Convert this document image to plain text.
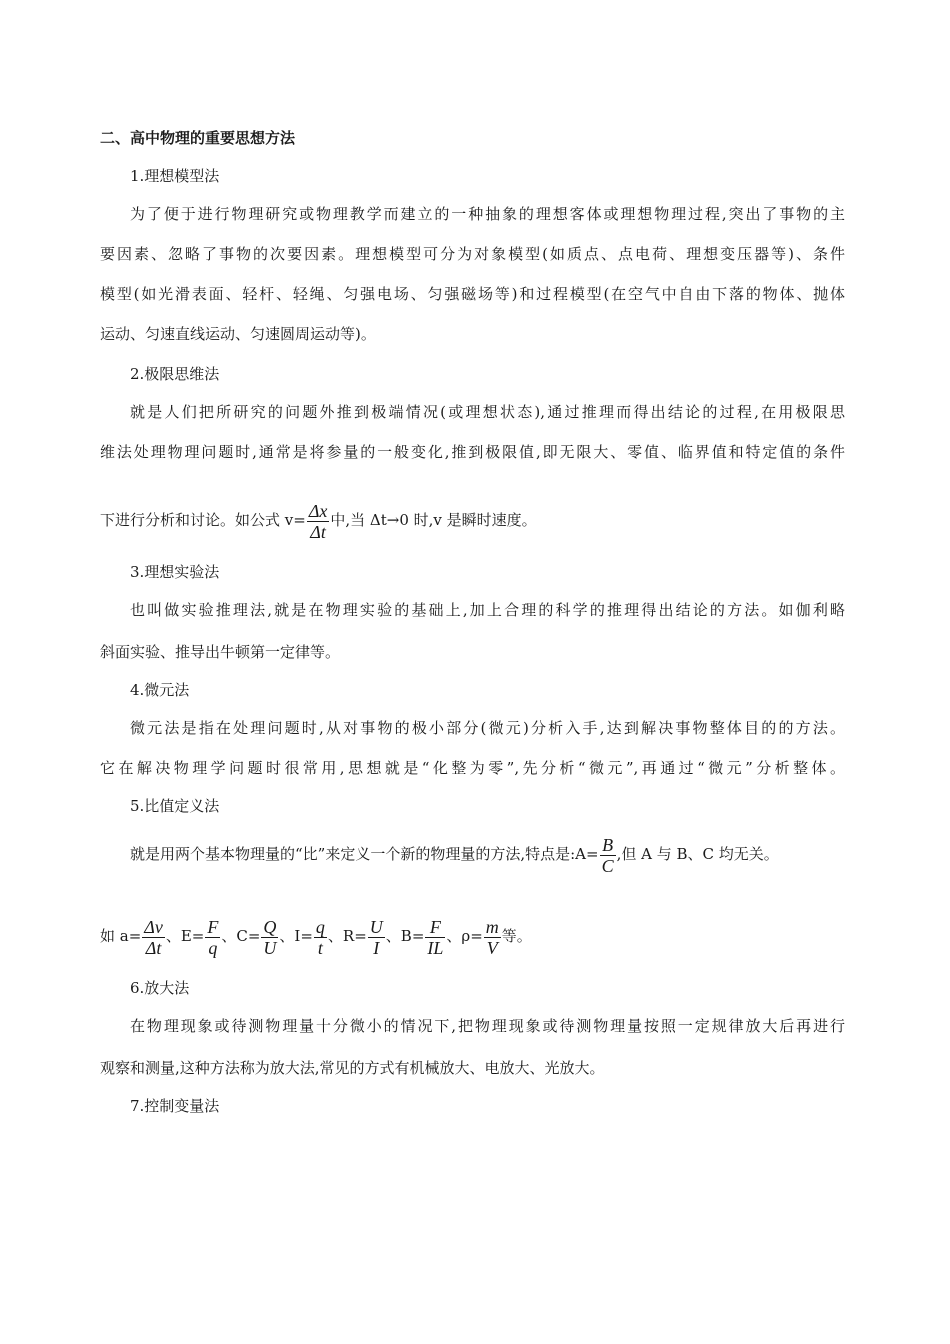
二、高中物理的重要思想方法
1.理想模型法
为了便于进行物理研究或物理教学而建立的一种抽象的理想客体或理想物理过程,突出了事物的主
要因素、忽略了事物的次要因素。理想模型可分为对象模型(如质点、点电荷、理想变压器等)、条件
模型(如光滑表面、轻杆、轻绳、匀强电场、匀强磁场等)和过程模型(在空气中自由下落的物体、抛体
运动、匀速直线运动、匀速圆周运动等)。
2.极限思维法
就是人们把所研究的问题外推到极端情况(或理想状态),通过推理而得出结论的过程,在用极限思
维法处理物理问题时,通常是将参量的一般变化,推到极限值,即无限大、零值、临界值和特定值的条件
下进行分析和讨论。如公式 $v= \frac{\Delta x}{\Delta t}$ 中,当 Δt→0 时,v 是瞬时速度。
3.理想实验法
也叫做实验推理法,就是在物理实验的基础上,加上合理的科学的推理得出结论的方法。如伽利略
斜面实验、推导出牛顿第一定律等。
4.微元法
微元法是指在处理问题时,从对事物的极小部分(微元)分析入手,达到解决事物整体目的的方法。
它在解决物理学问题时很常用,思想就是“化整为零”,先分析“微元”,再通过“微元”分析整体。
5.比值定义法
就是用两个基本物理量的“比”来定义一个新的物理量的方法,特点是:A= $\frac{B}{C}$ ,但 A 与 B、C 均无关。
如 $a= \frac{\Delta v}{\Delta t}$ 、$E= \frac{F}{q}$ 、$C= \frac{Q}{U}$ 、$I= \frac{q}{t}$ 、$R= \frac{U}{I}$ 、$B= \frac{F}{IL}$ 、$\rho= \frac{m}{V}$ 等。
6.放大法
在物理现象或待测物理量十分微小的情况下,把物理现象或待测物理量按照一定规律放大后再进行
观察和测量,这种方法称为放大法,常见的方式有机械放大、电放大、光放大。
7.控制变量法
